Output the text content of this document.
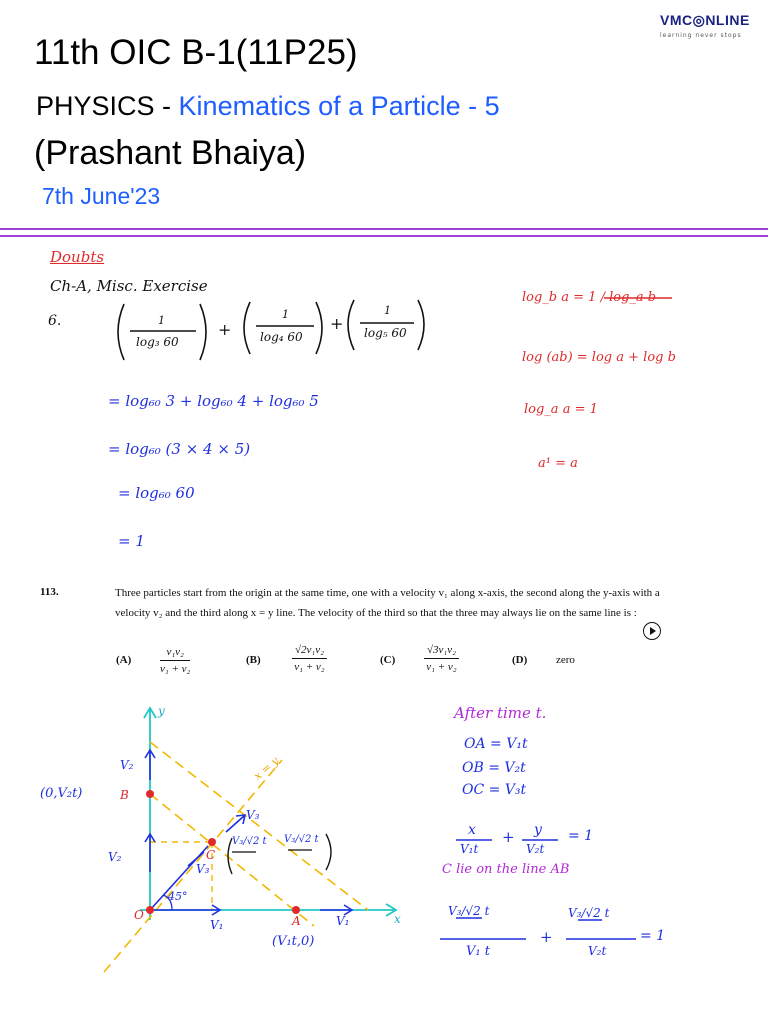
VMC◎NLINE
learning never stops
11th OIC B-1(11P25)
PHYSICS - Kinematics of a Particle - 5
(Prashant Bhaiya)
7th June'23
Doubts
Ch-A, Misc. Exercise
6.	1
log₃ 60
1
log₄ 60
1
log₅ 60
+	+
= log₆₀ 3 + log₆₀ 4 + log₆₀ 5
= log₆₀ (3 × 4 × 5)
= log₆₀ 60
= 1
log_b a = 1 / log_a b
log (ab) = log a + log b
log_a a = 1
a¹ = a
113.	Three particles start from the origin at the same time, one with a velocity v₁ along x-axis, the second along the y-axis with a velocity v₂ and the third along x = y line. The velocity of the third so that the three may always lie on the same line is :
(A)	$\frac{\text{v₁v₂}}{\text{v₁ + v₂}}$	(B)	$\frac{\text{√2v₁v₂}}{\text{v₁ + v₂}}$	(C)	$\frac{\text{√3v₁v₂}}{\text{v₁ + v₂}}$	(D)	zero
y
x
O	A
B
C
x = y
(0,V₂t)
(V₁t,0)
V₃/√2 t V₃/√2 t
V₁	V₁
V₂
V₂
V₃
V₃
45°
After time t.
OA = V₁t
OB = V₂t
OC = V₃t
x
V₁t
+ y
V₂t
= 1
C lie on the line AB
V₃/√2 t
V₁ t
+
V₃/√2 t
V₂t
= 1
